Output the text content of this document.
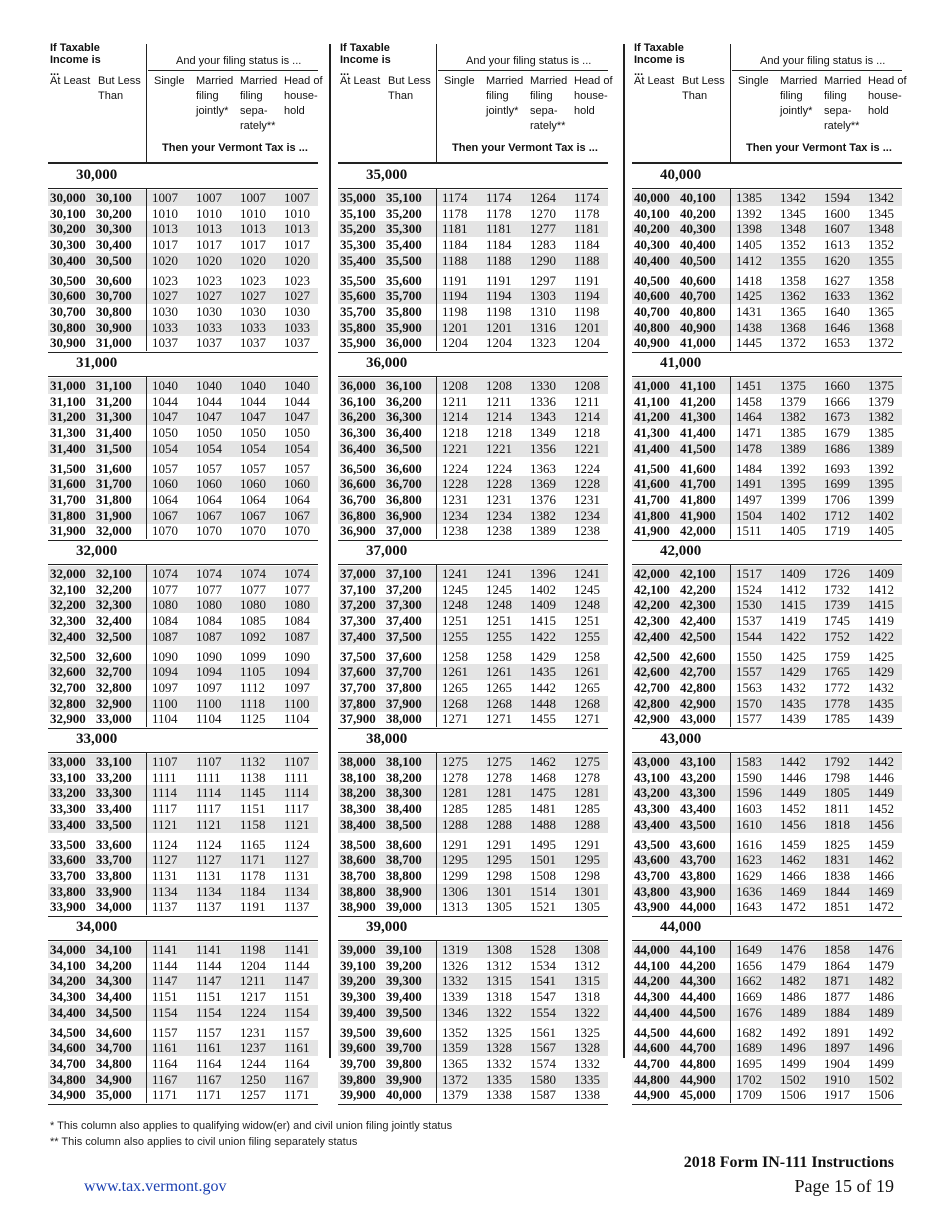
If Taxable Income is ...
And your filing status is ...
At Least But Less Than
Single	Married filing jointly*
Married filing sepa-rately**
Head of house-hold
Then your Vermont Tax is ...
30,000
30,000 30,100 1007 1007 1007 1007
30,100 30,200 1010 1010 1010 1010
30,200 30,300 1013 1013 1013 1013
30,300 30,400 1017 1017 1017 1017
30,400 30,500 1020 1020 1020 1020
30,500 30,600 1023 1023 1023 1023
30,600 30,700 1027 1027 1027 1027
30,700 30,800 1030 1030 1030 1030
30,800 30,900 1033 1033 1033 1033
30,900 31,000 1037 1037 1037 1037
31,000
31,000 31,100 1040 1040 1040 1040
31,100 31,200 1044 1044 1044 1044
31,200 31,300 1047 1047 1047 1047
31,300 31,400 1050 1050 1050 1050
31,400 31,500 1054 1054 1054 1054
31,500 31,600 1057 1057 1057 1057
31,600 31,700 1060 1060 1060 1060
31,700 31,800 1064 1064 1064 1064
31,800 31,900 1067 1067 1067 1067
31,900 32,000 1070 1070 1070 1070
32,000
32,000 32,100 1074 1074 1074 1074
32,100 32,200 1077 1077 1077 1077
32,200 32,300 1080 1080 1080 1080
32,300 32,400 1084 1084 1085 1084
32,400 32,500 1087 1087 1092 1087
32,500 32,600 1090 1090 1099 1090
32,600 32,700 1094 1094 1105 1094
32,700 32,800 1097 1097 1112 1097
32,800 32,900 1100 1100 1118 1100
32,900 33,000 1104 1104 1125 1104
33,000
33,000 33,100 1107 1107 1132 1107
33,100 33,200 1111 1111 1138 1111
33,200 33,300 1114 1114 1145 1114
33,300 33,400 1117 1117 1151 1117
33,400 33,500 1121 1121 1158 1121
33,500 33,600 1124 1124 1165 1124
33,600 33,700 1127 1127 1171 1127
33,700 33,800 1131 1131 1178 1131
33,800 33,900 1134 1134 1184 1134
33,900 34,000 1137 1137 1191 1137
34,000
34,000 34,100 1141 1141 1198 1141
34,100 34,200 1144 1144 1204 1144
34,200 34,300 1147 1147 1211 1147
34,300 34,400 1151 1151 1217 1151
34,400 34,500 1154 1154 1224 1154
34,500 34,600 1157 1157 1231 1157
34,600 34,700 1161 1161 1237 1161
34,700 34,800 1164 1164 1244 1164
34,800 34,900 1167 1167 1250 1167
34,900 35,000 1171 1171 1257 1171
If Taxable Income is ...
And your filing status is ...
At Least But Less Than
Single	Married filing jointly*
Married filing sepa-rately**
Head of house-hold
Then your Vermont Tax is ...
35,000
35,000 35,100 1174 1174 1264 1174
35,100 35,200 1178 1178 1270 1178
35,200 35,300 1181 1181 1277 1181
35,300 35,400 1184 1184 1283 1184
35,400 35,500 1188 1188 1290 1188
35,500 35,600 1191 1191 1297 1191
35,600 35,700 1194 1194 1303 1194
35,700 35,800 1198 1198 1310 1198
35,800 35,900 1201 1201 1316 1201
35,900 36,000 1204 1204 1323 1204
36,000
36,000 36,100 1208 1208 1330 1208
36,100 36,200 1211 1211 1336 1211
36,200 36,300 1214 1214 1343 1214
36,300 36,400 1218 1218 1349 1218
36,400 36,500 1221 1221 1356 1221
36,500 36,600 1224 1224 1363 1224
36,600 36,700 1228 1228 1369 1228
36,700 36,800 1231 1231 1376 1231
36,800 36,900 1234 1234 1382 1234
36,900 37,000 1238 1238 1389 1238
37,000
37,000 37,100 1241 1241 1396 1241
37,100 37,200 1245 1245 1402 1245
37,200 37,300 1248 1248 1409 1248
37,300 37,400 1251 1251 1415 1251
37,400 37,500 1255 1255 1422 1255
37,500 37,600 1258 1258 1429 1258
37,600 37,700 1261 1261 1435 1261
37,700 37,800 1265 1265 1442 1265
37,800 37,900 1268 1268 1448 1268
37,900 38,000 1271 1271 1455 1271
38,000
38,000 38,100 1275 1275 1462 1275
38,100 38,200 1278 1278 1468 1278
38,200 38,300 1281 1281 1475 1281
38,300 38,400 1285 1285 1481 1285
38,400 38,500 1288 1288 1488 1288
38,500 38,600 1291 1291 1495 1291
38,600 38,700 1295 1295 1501 1295
38,700 38,800 1299 1298 1508 1298
38,800 38,900 1306 1301 1514 1301
38,900 39,000 1313 1305 1521 1305
39,000
39,000 39,100 1319 1308 1528 1308
39,100 39,200 1326 1312 1534 1312
39,200 39,300 1332 1315 1541 1315
39,300 39,400 1339 1318 1547 1318
39,400 39,500 1346 1322 1554 1322
39,500 39,600 1352 1325 1561 1325
39,600 39,700 1359 1328 1567 1328
39,700 39,800 1365 1332 1574 1332
39,800 39,900 1372 1335 1580 1335
39,900 40,000 1379 1338 1587 1338
If Taxable Income is ...
And your filing status is ...
At Least But Less Than
Single	Married filing jointly*
Married filing sepa-rately**
Head of house-hold
Then your Vermont Tax is ...
40,000
40,000 40,100 1385 1342 1594 1342
40,100 40,200 1392 1345 1600 1345
40,200 40,300 1398 1348 1607 1348
40,300 40,400 1405 1352 1613 1352
40,400 40,500 1412 1355 1620 1355
40,500 40,600 1418 1358 1627 1358
40,600 40,700 1425 1362 1633 1362
40,700 40,800 1431 1365 1640 1365
40,800 40,900 1438 1368 1646 1368
40,900 41,000 1445 1372 1653 1372
41,000
41,000 41,100 1451 1375 1660 1375
41,100 41,200 1458 1379 1666 1379
41,200 41,300 1464 1382 1673 1382
41,300 41,400 1471 1385 1679 1385
41,400 41,500 1478 1389 1686 1389
41,500 41,600 1484 1392 1693 1392
41,600 41,700 1491 1395 1699 1395
41,700 41,800 1497 1399 1706 1399
41,800 41,900 1504 1402 1712 1402
41,900 42,000 1511 1405 1719 1405
42,000
42,000 42,100 1517 1409 1726 1409
42,100 42,200 1524 1412 1732 1412
42,200 42,300 1530 1415 1739 1415
42,300 42,400 1537 1419 1745 1419
42,400 42,500 1544 1422 1752 1422
42,500 42,600 1550 1425 1759 1425
42,600 42,700 1557 1429 1765 1429
42,700 42,800 1563 1432 1772 1432
42,800 42,900 1570 1435 1778 1435
42,900 43,000 1577 1439 1785 1439
43,000
43,000 43,100 1583 1442 1792 1442
43,100 43,200 1590 1446 1798 1446
43,200 43,300 1596 1449 1805 1449
43,300 43,400 1603 1452 1811 1452
43,400 43,500 1610 1456 1818 1456
43,500 43,600 1616 1459 1825 1459
43,600 43,700 1623 1462 1831 1462
43,700 43,800 1629 1466 1838 1466
43,800 43,900 1636 1469 1844 1469
43,900 44,000 1643 1472 1851 1472
44,000
44,000 44,100 1649 1476 1858 1476
44,100 44,200 1656 1479 1864 1479
44,200 44,300 1662 1482 1871 1482
44,300 44,400 1669 1486 1877 1486
44,400 44,500 1676 1489 1884 1489
44,500 44,600 1682 1492 1891 1492
44,600 44,700 1689 1496 1897 1496
44,700 44,800 1695 1499 1904 1499
44,800 44,900 1702 1502 1910 1502
44,900 45,000 1709 1506 1917 1506
* This column also applies to qualifying widow(er) and civil union filing jointly status
** This column also applies to civil union filing separately status
2018 Form IN-111 Instructions
www.tax.vermont.gov	Page 15 of 19
